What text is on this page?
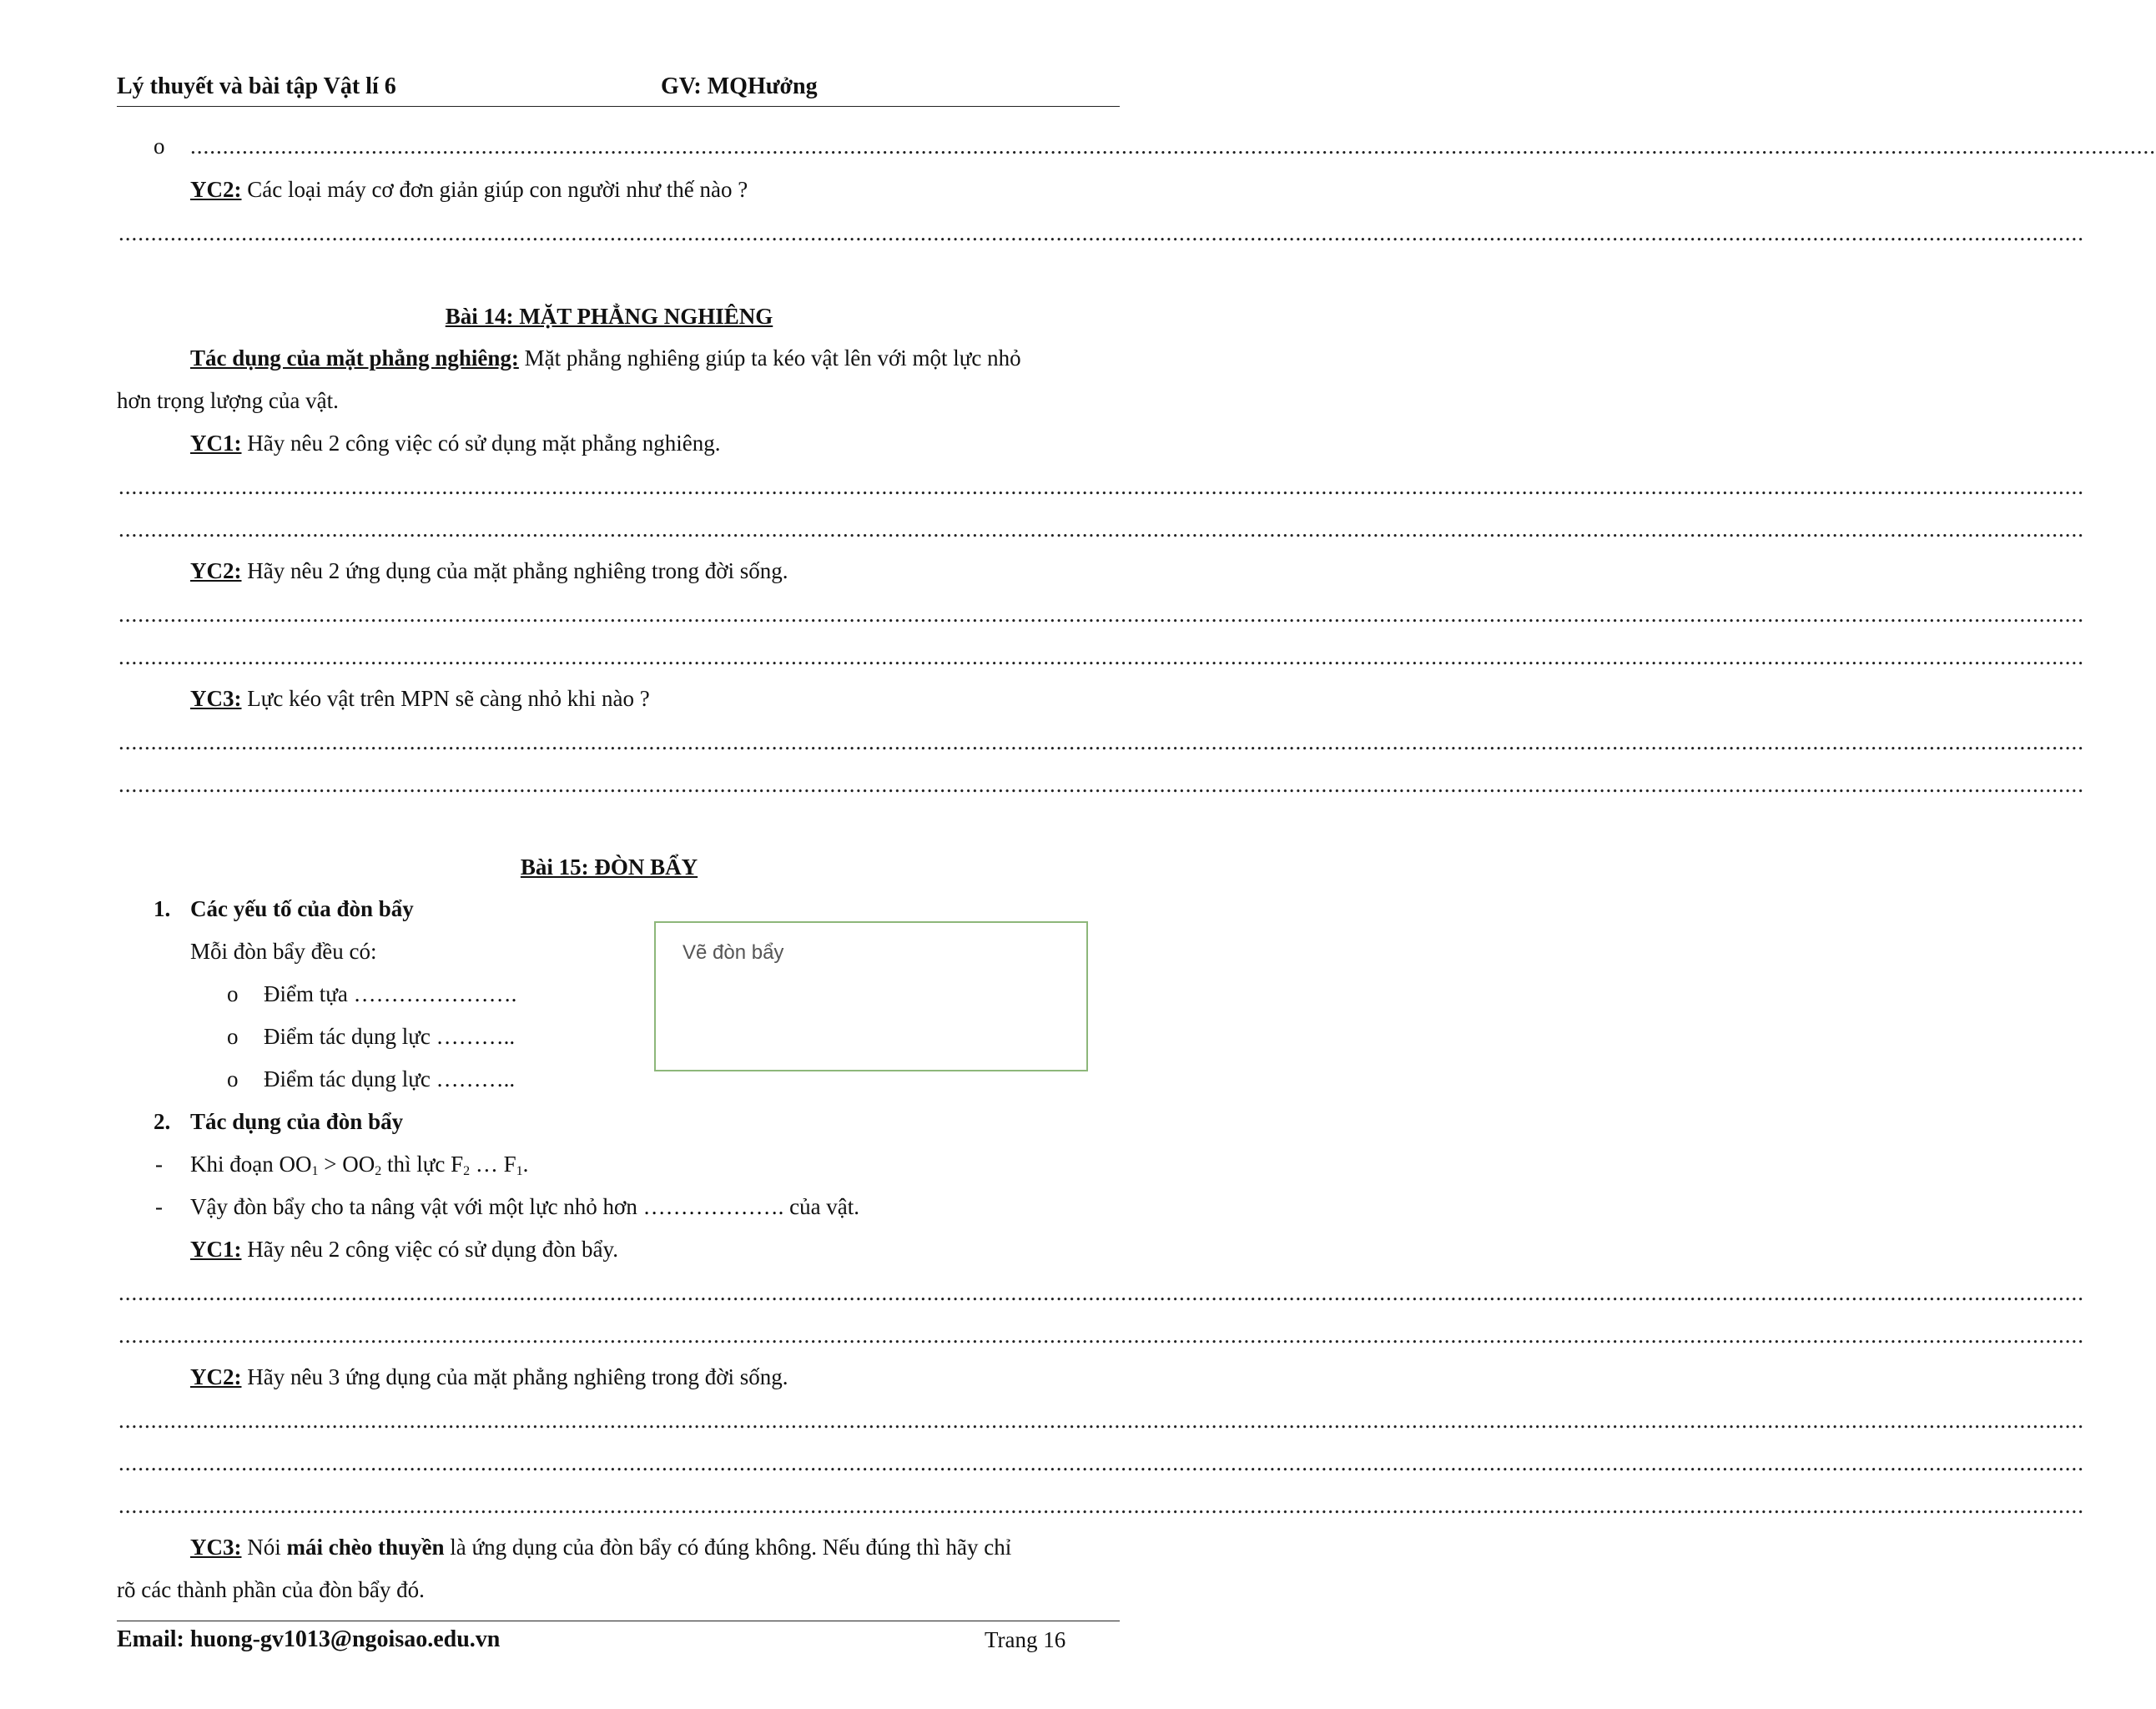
Lý thuyết và bài tập Vật lí 6	GV: MQHưởng
o ................................................................................................................................................................................................................................................................................................................
YC2: Các loại máy cơ đơn giản giúp con người như thế nào ?
................................................................................................................................................................................................................................................................................................................
Bài 14: MẶT PHẲNG NGHIÊNG
Tác dụng của mặt phẳng nghiêng: Mặt phẳng nghiêng giúp ta kéo vật lên với một lực nhỏ
hơn trọng lượng của vật.
YC1: Hãy nêu 2 công việc có sử dụng mặt phẳng nghiêng.
................................................................................................................................................................................................................................................................................................................
................................................................................................................................................................................................................................................................................................................
YC2: Hãy nêu 2 ứng dụng của mặt phẳng nghiêng trong đời sống.
................................................................................................................................................................................................................................................................................................................
................................................................................................................................................................................................................................................................................................................
YC3: Lực kéo vật trên MPN sẽ càng nhỏ khi nào ?
................................................................................................................................................................................................................................................................................................................
................................................................................................................................................................................................................................................................................................................
Bài 15: ĐÒN BẨY
1. Các yếu tố của đòn bẩy
Mỗi đòn bẩy đều có:
o Điểm tựa ………………….
o Điểm tác dụng lực ………..
o Điểm tác dụng lực ………..
Vẽ đòn bẩy
2. Tác dụng của đòn bẩy
- Khi đoạn $OO_1 > OO_2$ thì lực $F_2$ … $F_1$.
- Vậy đòn bẩy cho ta nâng vật với một lực nhỏ hơn ………………. của vật.
YC1: Hãy nêu 2 công việc có sử dụng đòn bẩy.
................................................................................................................................................................................................................................................................................................................
................................................................................................................................................................................................................................................................................................................
YC2: Hãy nêu 3 ứng dụng của mặt phẳng nghiêng trong đời sống.
................................................................................................................................................................................................................................................................................................................
................................................................................................................................................................................................................................................................................................................
................................................................................................................................................................................................................................................................................................................
YC3: Nói mái chèo thuyền là ứng dụng của đòn bẩy có đúng không. Nếu đúng thì hãy chỉ
rõ các thành phần của đòn bẩy đó.
Email: huong-gv1013@ngoisao.edu.vn	Trang 16
